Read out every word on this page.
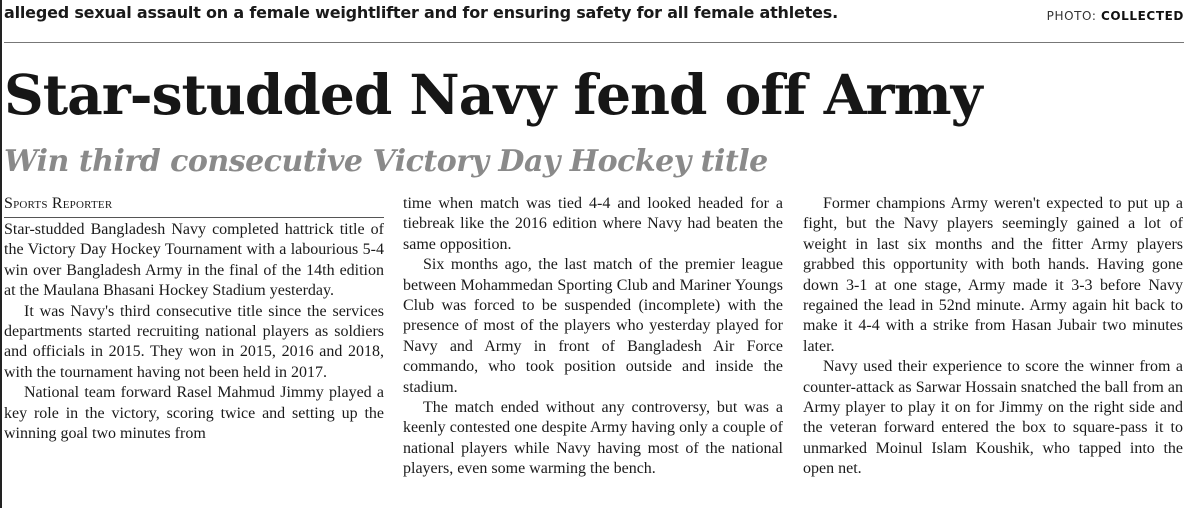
alleged sexual assault on a female weightlifter and for ensuring safety for all female athletes.	PHOTO: COLLECTED
Star-studded Navy fend off Army
Win third consecutive Victory Day Hockey title
Sports Reporter

Star-studded Bangladesh Navy completed hattrick title of the Victory Day Hockey Tournament with a labourious 5-4 win over Bangladesh Army in the final of the 14th edition at the Maulana Bhasani Hockey Stadium yesterday.

It was Navy's third consecutive title since the services departments started recruiting national players as soldiers and officials in 2015. They won in 2015, 2016 and 2018, with the tournament having not been held in 2017.

National team forward Rasel Mahmud Jimmy played a key role in the victory, scoring twice and setting up the winning goal two minutes from

time when match was tied 4-4 and looked headed for a tiebreak like the 2016 edition where Navy had beaten the same opposition.

Six months ago, the last match of the premier league between Mohammedan Sporting Club and Mariner Youngs Club was forced to be suspended (incomplete) with the presence of most of the players who yesterday played for Navy and Army in front of Bangladesh Air Force commando, who took position outside and inside the stadium.

The match ended without any controversy, but was a keenly contested one despite Army having only a couple of national players while Navy having most of the national players, even some warming the bench.

Former champions Army weren't expected to put up a fight, but the Navy players seemingly gained a lot of weight in last six months and the fitter Army players grabbed this opportunity with both hands. Having gone down 3-1 at one stage, Army made it 3-3 before Navy regained the lead in 52nd minute. Army again hit back to make it 4-4 with a strike from Hasan Jubair two minutes later.

Navy used their experience to score the winner from a counter-attack as Sarwar Hossain snatched the ball from an Army player to play it on for Jimmy on the right side and the veteran forward entered the box to square-pass it to unmarked Moinul Islam Koushik, who tapped into the open net.
